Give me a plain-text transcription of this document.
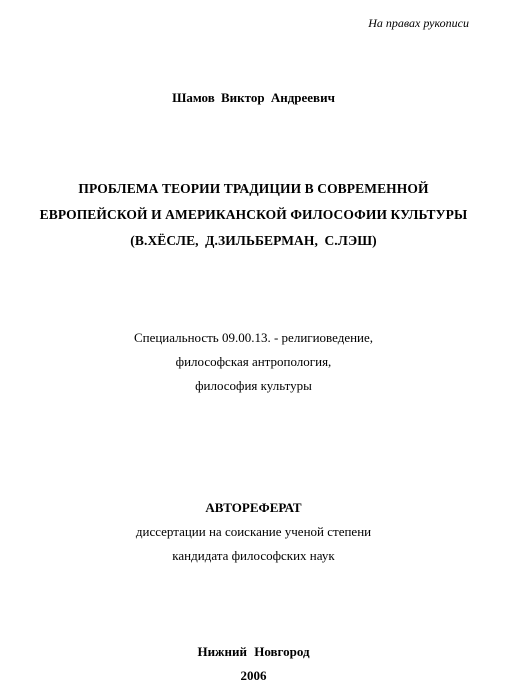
На правах рукописи

Шамов Виктор Андреевич

ПРОБЛЕМА ТЕОРИИ ТРАДИЦИИ В СОВРЕМЕННОЙ

ЕВРОПЕЙСКОЙ И АМЕРИКАНСКОЙ ФИЛОСОФИИ КУЛЬТУРЫ

(В.ХЁСЛЕ, Д.ЗИЛЬБЕРМАН, С.ЛЭШ)

Специальность 09.00.13. - религиоведение,

философская антропология,

философия культуры

АВТОРЕФЕРАТ

диссертации на соискание ученой степени

кандидата философских наук

Нижний Новгород

2006
